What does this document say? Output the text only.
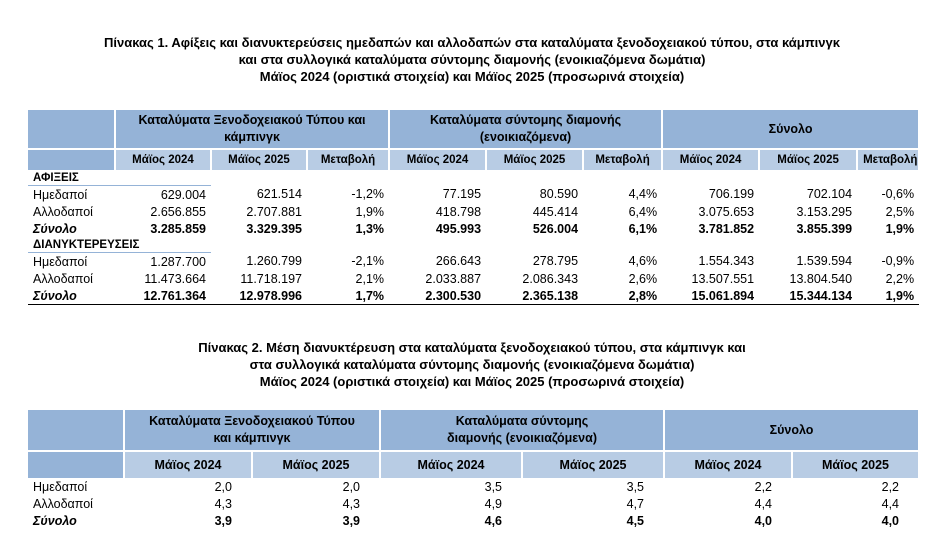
Πίνακας 1. Αφίξεις και διανυκτερεύσεις ημεδαπών και αλλοδαπών στα καταλύματα ξενοδοχειακού τύπου, στα κάμπινγκ
και στα συλλογικά καταλύματα σύντομης διαμονής (ενοικιαζόμενα δωμάτια)
Μάϊος 2024 (οριστικά στοιχεία) και Μάϊος 2025 (προσωρινά στοιχεία)
	Καταλύματα Ξενοδοχειακού Τύπου και κάμπινγκ			Καταλύματα σύντομης διαμονής (ενοικιαζόμενα)			Σύνολο		
	Μάϊος 2024	Μάϊος 2025	Μεταβολή	Μάϊος 2024	Μάϊος 2025	Μεταβολή	Μάϊος 2024	Μάϊος 2025	Μεταβολή
ΑΦΙΞΕΙΣ									
Ημεδαποί	629.004	621.514	-1,2%	77.195	80.590	4,4%	706.199	702.104	-0,6%
Αλλοδαποί	2.656.855	2.707.881	1,9%	418.798	445.414	6,4%	3.075.653	3.153.295	2,5%
Σύνολο	3.285.859	3.329.395	1,3%	495.993	526.004	6,1%	3.781.852	3.855.399	1,9%
ΔΙΑΝΥΚΤΕΡΕΥΣΕΙΣ									
Ημεδαποί	1.287.700	1.260.799	-2,1%	266.643	278.795	4,6%	1.554.343	1.539.594	-0,9%
Αλλοδαποί	11.473.664	11.718.197	2,1%	2.033.887	2.086.343	2,6%	13.507.551	13.804.540	2,2%
Σύνολο	12.761.364	12.978.996	1,7%	2.300.530	2.365.138	2,8%	15.061.894	15.344.134	1,9%
Πίνακας 2. Μέση διανυκτέρευση στα καταλύματα ξενοδοχειακού τύπου, στα κάμπινγκ και
στα συλλογικά καταλύματα σύντομης διαμονής (ενοικιαζόμενα δωμάτια)
Μάϊος 2024 (οριστικά στοιχεία) και Μάϊος 2025 (προσωρινά στοιχεία)
	Καταλύματα Ξενοδοχειακού Τύπου και κάμπινγκ		Καταλύματα σύντομης διαμονής (ενοικιαζόμενα)		Σύνολο	
	Μάϊος 2024	Μάϊος 2025	Μάϊος 2024	Μάϊος 2025	Μάϊος 2024	Μάϊος 2025
Ημεδαποί	2,0	2,0	3,5	3,5	2,2	2,2
Αλλοδαποί	4,3	4,3	4,9	4,7	4,4	4,4
Σύνολο	3,9	3,9	4,6	4,5	4,0	4,0
